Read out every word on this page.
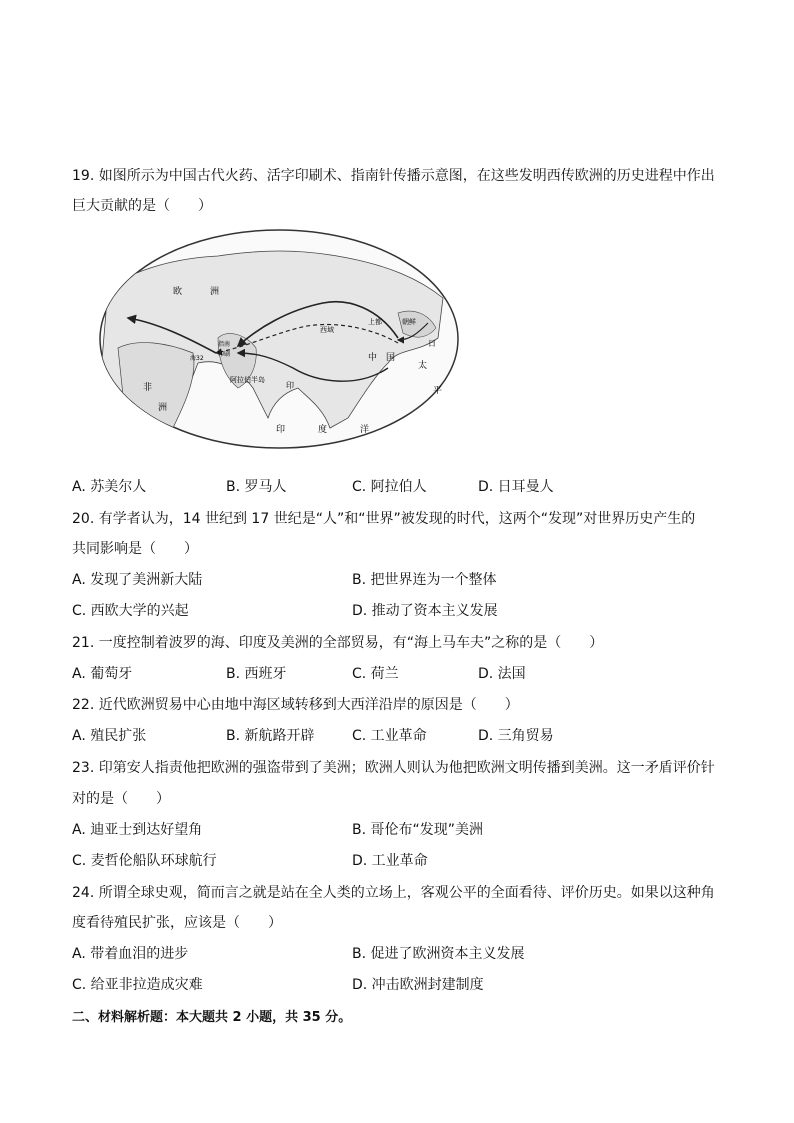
19. 如图所示为中国古代火药、活字印刷术、指南针传播示意图，在这些发明西传欧洲的历史进程中作出
巨大贡献的是（　　）
欧	洲
非
洲
西域
阿拉伯半岛
印
印	度	洋
太
平
中 国
朝鲜
日
上都
指南
印刷
海32
A. 苏美尔人	B. 罗马人	C. 阿拉伯人	D. 日耳曼人
20. 有学者认为，14 世纪到 17 世纪是“人”和“世界”被发现的时代，这两个“发现”对世界历史产生的
共同影响是（　　）
A. 发现了美洲新大陆	B. 把世界连为一个整体
C. 西欧大学的兴起	D. 推动了资本主义发展
21. 一度控制着波罗的海、印度及美洲的全部贸易，有“海上马车夫”之称的是（　　）
A. 葡萄牙	B. 西班牙	C. 荷兰	D. 法国
22. 近代欧洲贸易中心由地中海区域转移到大西洋沿岸的原因是（　　）
A. 殖民扩张	B. 新航路开辟	C. 工业革命	D. 三角贸易
23. 印第安人指责他把欧洲的强盗带到了美洲；欧洲人则认为他把欧洲文明传播到美洲。这一矛盾评价针
对的是（　　）
A. 迪亚士到达好望角	B. 哥伦布“发现”美洲
C. 麦哲伦船队环球航行	D. 工业革命
24. 所谓全球史观，简而言之就是站在全人类的立场上，客观公平的全面看待、评价历史。如果以这种角
度看待殖民扩张，应该是（　　）
A. 带着血泪的进步	B. 促进了欧洲资本主义发展
C. 给亚非拉造成灾难	D. 冲击欧洲封建制度
二、材料解析题：本大题共 2 小题，共 35 分。
